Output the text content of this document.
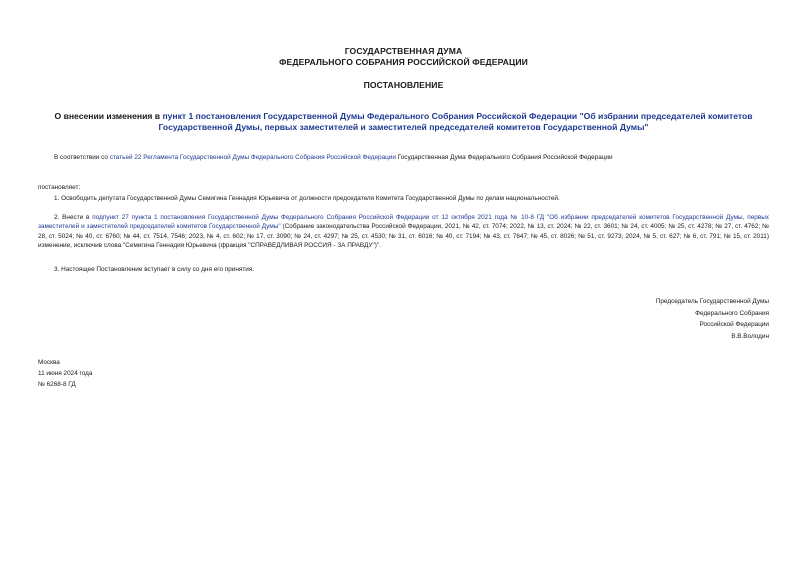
ГОСУДАРСТВЕННАЯ ДУМА
ФЕДЕРАЛЬНОГО СОБРАНИЯ РОССИЙСКОЙ ФЕДЕРАЦИИ
ПОСТАНОВЛЕНИЕ
О внесении изменения в пункт 1 постановления Государственной Думы Федерального Собрания Российской Федерации "Об избрании председателей комитетов Государственной Думы, первых заместителей и заместителей председателей комитетов Государственной Думы"
В соответствии со статьей 22 Регламента Государственной Думы Федерального Собрания Российской Федерации Государственная Дума Федерального Собрания Российской Федерации
постановляет:
1. Освободить депутата Государственной Думы Семигина Геннадия Юрьевича от должности председателя Комитета Государственной Думы по делам национальностей.
2. Внести в подпункт 27 пункта 1 постановления Государственной Думы Федерального Собрания Российской Федерации от 12 октября 2021 года № 10-8 ГД "Об избрании председателей комитетов Государственной Думы, первых заместителей и заместителей председателей комитетов Государственной Думы" (Собрание законодательства Российской Федерации, 2021, № 42, ст. 7074; 2022, № 13, ст. 2024; № 22, ст. 3601; № 24, ст. 4005; № 25, ст. 4278; № 27, ст. 4762; № 28, ст. 5024; № 40, ст. 6760; № 44, ст. 7514, 7546; 2023, № 4, ст. 602; № 17, ст. 3090; № 24, ст. 4297; № 25, ст. 4530; № 31, ст. 6016; № 40, ст. 7194; № 43, ст. 7647; № 45, ст. 8026; № 51, ст. 9273; 2024, № 5, ст. 627; № 6, ст. 791; № 15, ст. 2011) изменение, исключив слова "Семигина Геннадия Юрьевича (фракция "СПРАВЕДЛИВАЯ РОССИЯ - ЗА ПРАВДУ")".
3. Настоящее Постановление вступает в силу со дня его принятия.
Председатель Государственной Думы
Федерального Собрания
Российской Федерации
В.В.Володин
Москва
11 июня 2024 года
№ 6268-8 ГД
